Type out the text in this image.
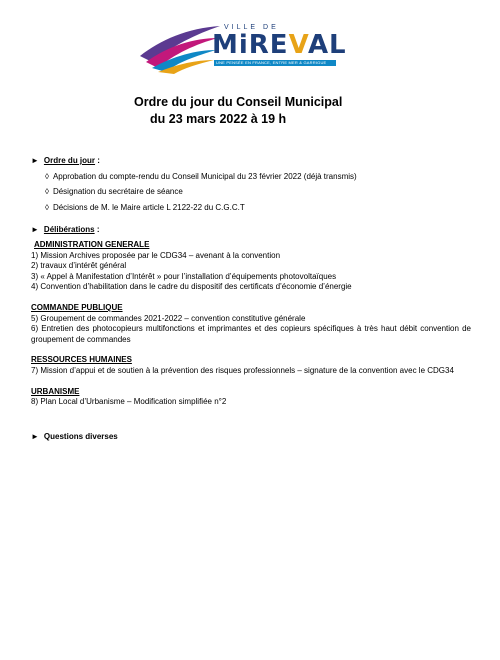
VILLE DE
MiREVAL
UNE PENSÉE EN FRANCE, ENTRE MER & GARRIGUE
Ordre du jour du Conseil Municipal
du 23 mars 2022 à 19 h
► Ordre du jour :
◊ Approbation du compte-rendu du Conseil Municipal du 23 février 2022 (déjà transmis)
◊ Désignation du secrétaire de séance
◊ Décisions de M. le Maire article L 2122-22 du C.G.C.T
► Délibérations :
ADMINISTRATION GENERALE
1) Mission Archives proposée par le CDG34 – avenant à la convention
2) travaux d’intérêt général
3) « Appel à Manifestation d’Intérêt » pour l’installation d’équipements photovoltaïques
4) Convention d’habilitation dans le cadre du dispositif des certificats d’économie d’énergie
COMMANDE PUBLIQUE
5) Groupement de commandes 2021-2022 – convention constitutive générale
6) Entretien des photocopieurs multifonctions et imprimantes et des copieurs spécifiques à très haut débit convention de groupement de commandes
RESSOURCES HUMAINES
7) Mission d’appui et de soutien à la prévention des risques professionnels – signature de la convention avec le CDG34
URBANISME
8) Plan Local d’Urbanisme – Modification simplifiée n°2
► Questions diverses
